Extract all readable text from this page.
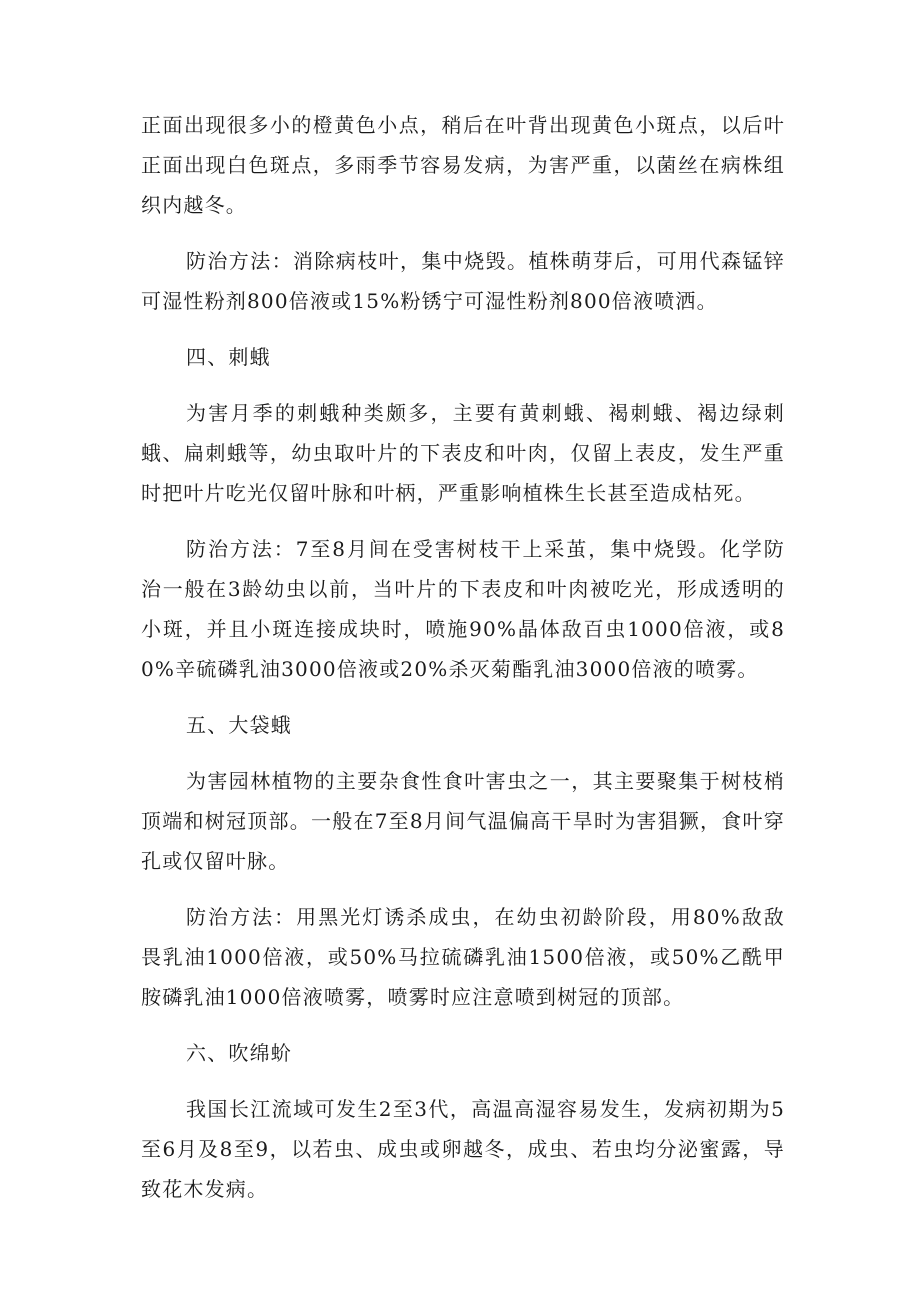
正面出现很多小的橙黄色小点，稍后在叶背出现黄色小斑点，以后叶正面出现白色斑点，多雨季节容易发病，为害严重，以菌丝在病株组织内越冬。

防治方法：消除病枝叶，集中烧毁。植株萌芽后，可用代森锰锌可湿性粉剂800倍液或15%粉锈宁可湿性粉剂800倍液喷洒。

四、刺蛾

为害月季的刺蛾种类颇多，主要有黄刺蛾、褐刺蛾、褐边绿刺蛾、扁刺蛾等，幼虫取叶片的下表皮和叶肉，仅留上表皮，发生严重时把叶片吃光仅留叶脉和叶柄，严重影响植株生长甚至造成枯死。

防治方法：7至8月间在受害树枝干上采茧，集中烧毁。化学防治一般在3龄幼虫以前，当叶片的下表皮和叶肉被吃光，形成透明的小斑，并且小斑连接成块时，喷施90%晶体敌百虫1000倍液，或80%辛硫磷乳油3000倍液或20%杀灭菊酯乳油3000倍液的喷雾。

五、大袋蛾

为害园林植物的主要杂食性食叶害虫之一，其主要聚集于树枝梢顶端和树冠顶部。一般在7至8月间气温偏高干旱时为害猖獗，食叶穿孔或仅留叶脉。

防治方法：用黑光灯诱杀成虫，在幼虫初龄阶段，用80%敌敌畏乳油1000倍液，或50%马拉硫磷乳油1500倍液，或50%乙酰甲胺磷乳油1000倍液喷雾，喷雾时应注意喷到树冠的顶部。

六、吹绵蚧

我国长江流域可发生2至3代，高温高湿容易发生，发病初期为5至6月及8至9，以若虫、成虫或卵越冬，成虫、若虫均分泌蜜露，导致花木发病。
